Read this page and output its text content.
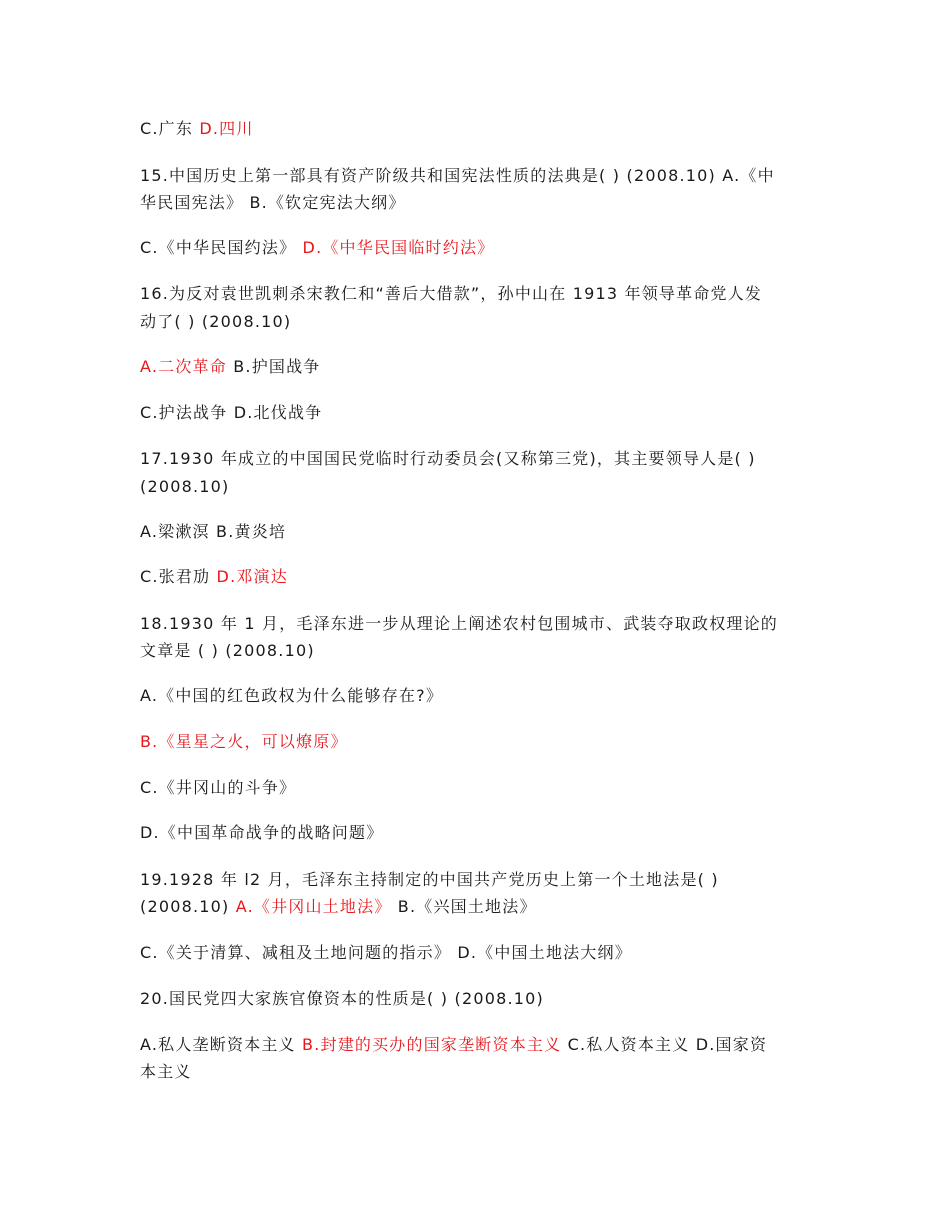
C.广东 D.四川
15.中国历史上第一部具有资产阶级共和国宪法性质的法典是( ) (2008.10) A.《中
华民国宪法》 B.《钦定宪法大纲》
C.《中华民国约法》 D.《中华民国临时约法》
16.为反对袁世凯刺杀宋教仁和“善后大借款”，孙中山在 1913 年领导革命党人发
动了( ) (2008.10)
A.二次革命 B.护国战争
C.护法战争 D.北伐战争
17.1930 年成立的中国国民党临时行动委员会(又称第三党)，其主要领导人是( )
(2008.10)
A.梁漱溟 B.黄炎培
C.张君劢 D.邓演达
18.1930 年 1 月，毛泽东进一步从理论上阐述农村包围城市、武装夺取政权理论的
文章是 ( ) (2008.10)
A.《中国的红色政权为什么能够存在?》
B.《星星之火，可以燎原》
C.《井冈山的斗争》
D.《中国革命战争的战略问题》
19.1928 年 l2 月，毛泽东主持制定的中国共产党历史上第一个土地法是( )
(2008.10) A.《井冈山土地法》 B.《兴国土地法》
C.《关于清算、减租及土地问题的指示》 D.《中国土地法大纲》
20.国民党四大家族官僚资本的性质是( ) (2008.10)
A.私人垄断资本主义 B.封建的买办的国家垄断资本主义 C.私人资本主义 D.国家资
本主义
